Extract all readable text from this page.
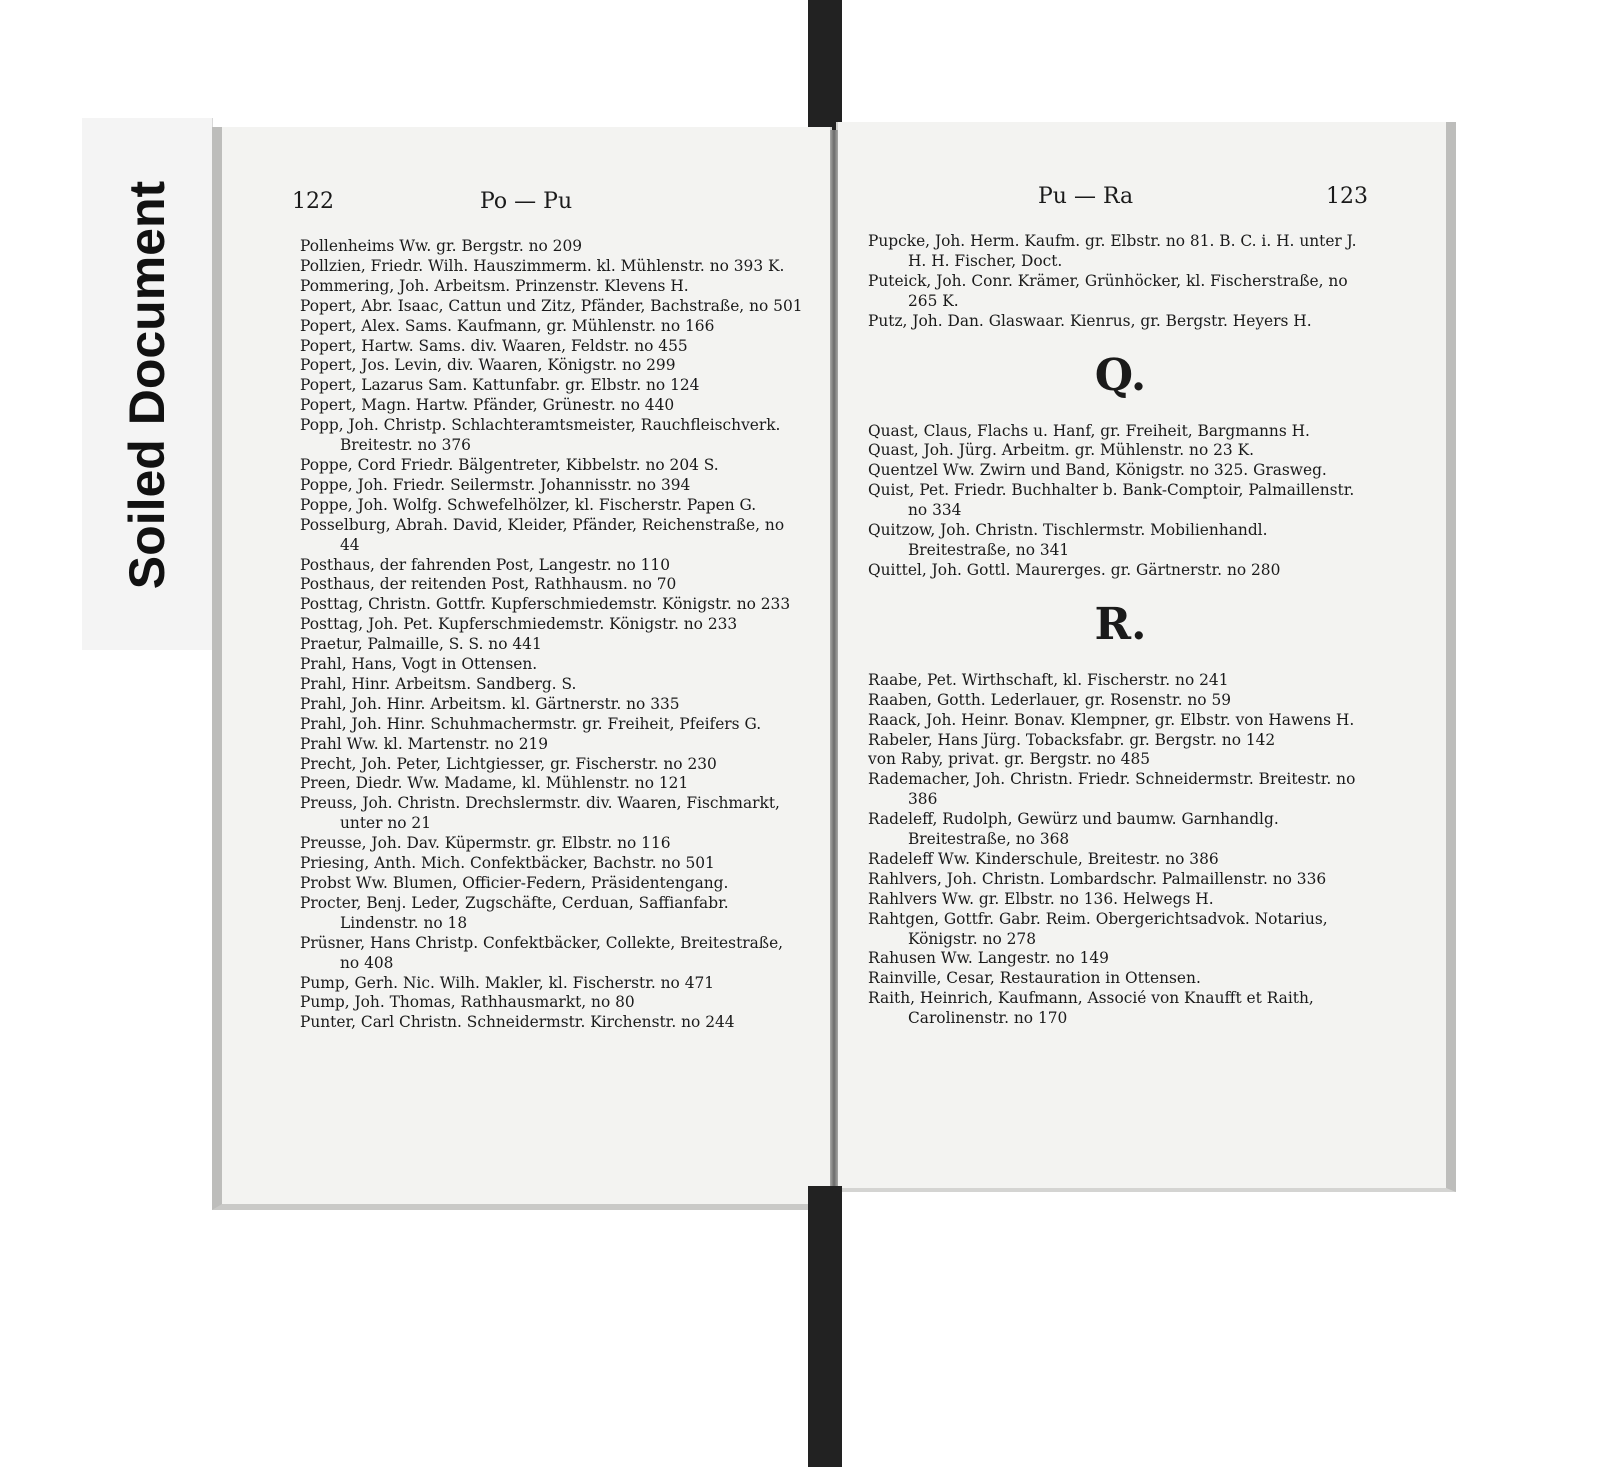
Soiled Document	122	Po — Pu

Pollenheims Ww. gr. Bergstr. no 209

Pollzien, Friedr. Wilh. Hauszimmerm. kl. Mühlenstr. no 393 K.

Pommering, Joh. Arbeitsm. Prinzenstr. Klevens H.

Popert, Abr. Isaac, Cattun und Zitz, Pfänder, Bachstraße, no 501

Popert, Alex. Sams. Kaufmann, gr. Mühlenstr. no 166

Popert, Hartw. Sams. div. Waaren, Feldstr. no 455

Popert, Jos. Levin, div. Waaren, Königstr. no 299

Popert, Lazarus Sam. Kattunfabr. gr. Elbstr. no 124

Popert, Magn. Hartw. Pfänder, Grünestr. no 440

Popp, Joh. Christp. Schlachteramtsmeister, Rauchfleischverk. Breitestr. no 376

Poppe, Cord Friedr. Bälgentreter, Kibbelstr. no 204 S.

Poppe, Joh. Friedr. Seilermstr. Johannisstr. no 394

Poppe, Joh. Wolfg. Schwefelhölzer, kl. Fischerstr. Papen G.

Posselburg, Abrah. David, Kleider, Pfänder, Reichenstraße, no 44

Posthaus, der fahrenden Post, Langestr. no 110

Posthaus, der reitenden Post, Rathhausm. no 70

Posttag, Christn. Gottfr. Kupferschmiedemstr. Königstr. no 233

Posttag, Joh. Pet. Kupferschmiedemstr. Königstr. no 233

Praetur, Palmaille, S. S. no 441

Prahl, Hans, Vogt in Ottensen.

Prahl, Hinr. Arbeitsm. Sandberg. S.

Prahl, Joh. Hinr. Arbeitsm. kl. Gärtnerstr. no 335

Prahl, Joh. Hinr. Schuhmachermstr. gr. Freiheit, Pfeifers G.

Prahl Ww. kl. Martenstr. no 219

Precht, Joh. Peter, Lichtgiesser, gr. Fischerstr. no 230

Preen, Diedr. Ww. Madame, kl. Mühlenstr. no 121

Preuss, Joh. Christn. Drechslermstr. div. Waaren, Fischmarkt, unter no 21

Preusse, Joh. Dav. Küpermstr. gr. Elbstr. no 116

Priesing, Anth. Mich. Confektbäcker, Bachstr. no 501

Probst Ww. Blumen, Officier-Federn, Präsidentengang.

Procter, Benj. Leder, Zugschäfte, Cerduan, Saffianfabr. Lindenstr. no 18

Prüsner, Hans Christp. Confektbäcker, Collekte, Breitestraße, no 408

Pump, Gerh. Nic. Wilh. Makler, kl. Fischerstr. no 471

Pump, Joh. Thomas, Rathhausmarkt, no 80

Punter, Carl Christn. Schneidermstr. Kirchenstr. no 244

Pu — Ra	123

Pupcke, Joh. Herm. Kaufm. gr. Elbstr. no 81. B. C. i. H. unter J. H. H. Fischer, Doct.

Puteick, Joh. Conr. Krämer, Grünhöcker, kl. Fischerstraße, no 265 K.

Putz, Joh. Dan. Glaswaar. Kienrus, gr. Bergstr. Heyers H.

Q.

Quast, Claus, Flachs u. Hanf, gr. Freiheit, Bargmanns H.

Quast, Joh. Jürg. Arbeitm. gr. Mühlenstr. no 23 K.

Quentzel Ww. Zwirn und Band, Königstr. no 325. Grasweg.

Quist, Pet. Friedr. Buchhalter b. Bank-Comptoir, Palmaillenstr. no 334

Quitzow, Joh. Christn. Tischlermstr. Mobilienhandl. Breitestraße, no 341

Quittel, Joh. Gottl. Maurerges. gr. Gärtnerstr. no 280

R.

Raabe, Pet. Wirthschaft, kl. Fischerstr. no 241

Raaben, Gotth. Lederlauer, gr. Rosenstr. no 59

Raack, Joh. Heinr. Bonav. Klempner, gr. Elbstr. von Hawens H.

Rabeler, Hans Jürg. Tobacksfabr. gr. Bergstr. no 142

von Raby, privat. gr. Bergstr. no 485

Rademacher, Joh. Christn. Friedr. Schneidermstr. Breitestr. no 386

Radeleff, Rudolph, Gewürz und baumw. Garnhandlg. Breitestraße, no 368

Radeleff Ww. Kinderschule, Breitestr. no 386

Rahlvers, Joh. Christn. Lombardschr. Palmaillenstr. no 336

Rahlvers Ww. gr. Elbstr. no 136. Helwegs H.

Rahtgen, Gottfr. Gabr. Reim. Obergerichtsadvok. Notarius, Königstr. no 278

Rahusen Ww. Langestr. no 149

Rainville, Cesar, Restauration in Ottensen.

Raith, Heinrich, Kaufmann, Associé von Knaufft et Raith, Carolinenstr. no 170
